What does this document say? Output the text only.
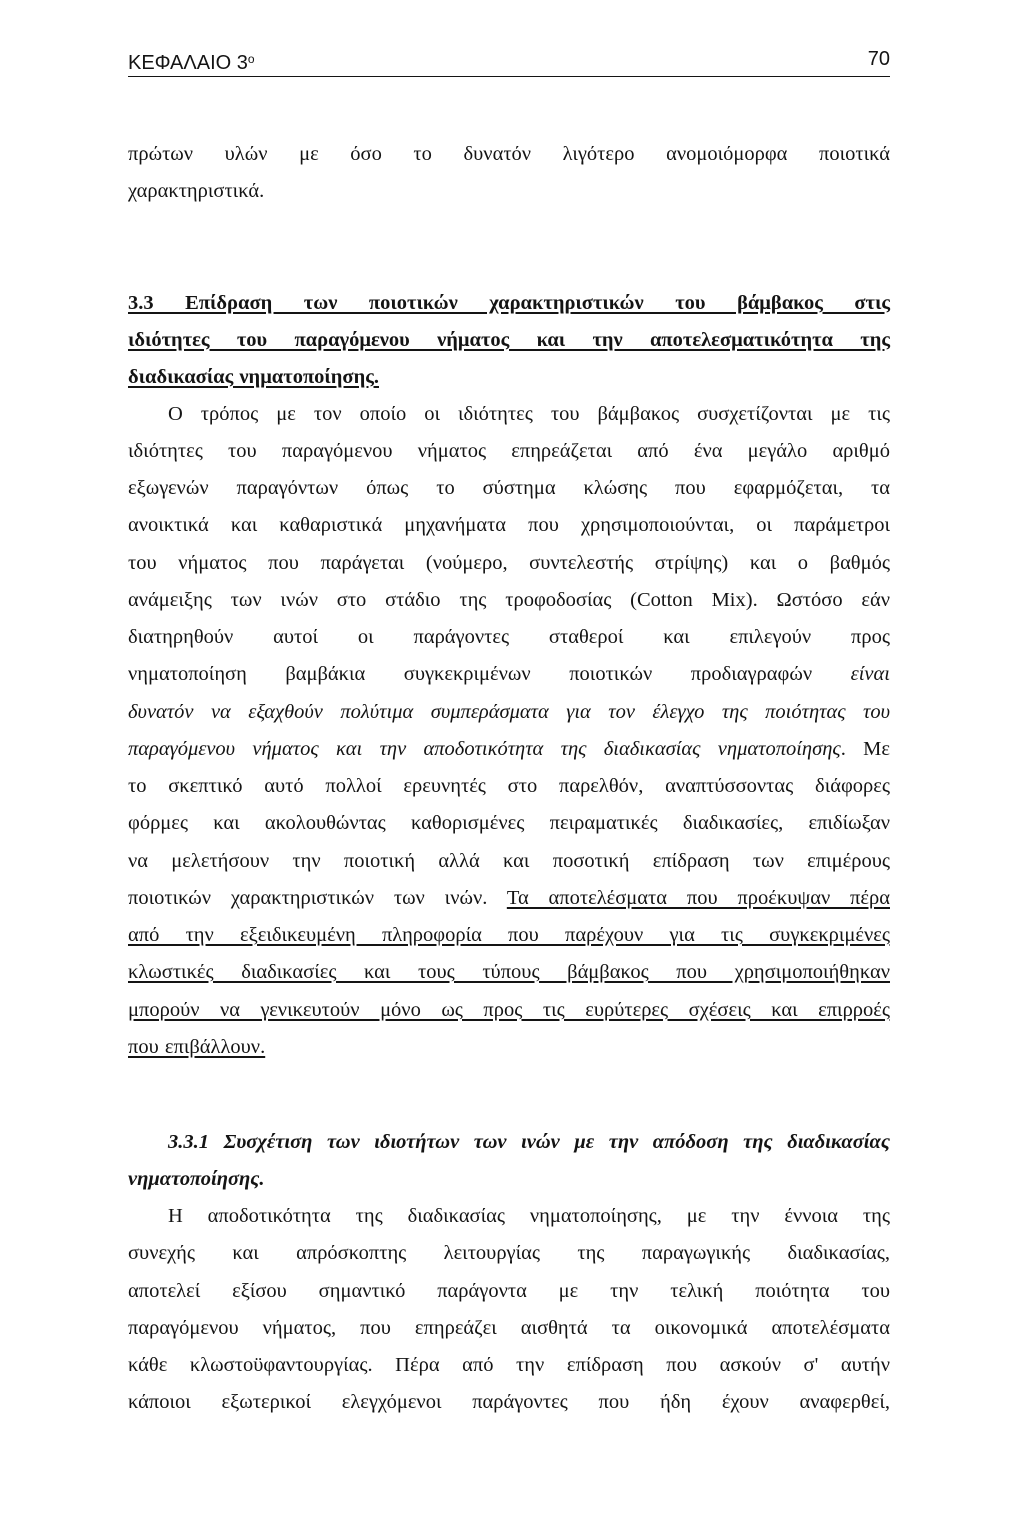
ΚΕΦΑΛΑΙΟ $3^o$	70

πρώτων υλών με όσο το δυνατόν λιγότερο ανομοιόμορφα ποιοτικά

χαρακτηριστικά.

3.3 Επίδραση των ποιοτικών χαρακτηριστικών του βάμβακος στις

ιδιότητες του παραγόμενου νήματος και την αποτελεσματικότητα της

διαδικασίας νηματοποίησης.

Ο τρόπος με τον οποίο οι ιδιότητες του βάμβακος συσχετίζονται με τις

ιδιότητες του παραγόμενου νήματος επηρεάζεται από ένα μεγάλο αριθμό

εξωγενών παραγόντων όπως το σύστημα κλώσης που εφαρμόζεται, τα

ανοικτικά και καθαριστικά μηχανήματα που χρησιμοποιούνται, οι παράμετροι

του νήματος που παράγεται (νούμερο, συντελεστής στρίψης) και ο βαθμός

ανάμειξης των ινών στο στάδιο της τροφοδοσίας (Cotton Mix). Ωστόσο εάν

διατηρηθούν αυτοί οι παράγοντες σταθεροί και επιλεγούν προς

νηματοποίηση βαμβάκια συγκεκριμένων ποιοτικών προδιαγραφών είναι

δυνατόν να εξαχθούν πολύτιμα συμπεράσματα για τον έλεγχο της ποιότητας του

παραγόμενου νήματος και την αποδοτικότητα της διαδικασίας νηματοποίησης. Με

το σκεπτικό αυτό πολλοί ερευνητές στο παρελθόν, αναπτύσσοντας διάφορες

φόρμες και ακολουθώντας καθορισμένες πειραματικές διαδικασίες, επιδίωξαν

να μελετήσουν την ποιοτική αλλά και ποσοτική επίδραση των επιμέρους

ποιοτικών χαρακτηριστικών των ινών. Τα αποτελέσματα που προέκυψαν πέρα

από την εξειδικευμένη πληροφορία που παρέχουν για τις συγκεκριμένες

κλωστικές διαδικασίες και τους τύπους βάμβακος που χρησιμοποιήθηκαν

μπορούν να γενικευτούν μόνο ως προς τις ευρύτερες σχέσεις και επιρροές

που επιβάλλουν.

3.3.1 Συσχέτιση των ιδιοτήτων των ινών με την απόδοση της διαδικασίας

νηματοποίησης.

Η αποδοτικότητα της διαδικασίας νηματοποίησης, με την έννοια της

συνεχής και απρόσκοπτης λειτουργίας της παραγωγικής διαδικασίας,

αποτελεί εξίσου σημαντικό παράγοντα με την τελική ποιότητα του

παραγόμενου νήματος, που επηρεάζει αισθητά τα οικονομικά αποτελέσματα

κάθε κλωστοϋφαντουργίας. Πέρα από την επίδραση που ασκούν σ' αυτήν

κάποιοι εξωτερικοί ελεγχόμενοι παράγοντες που ήδη έχουν αναφερθεί,
